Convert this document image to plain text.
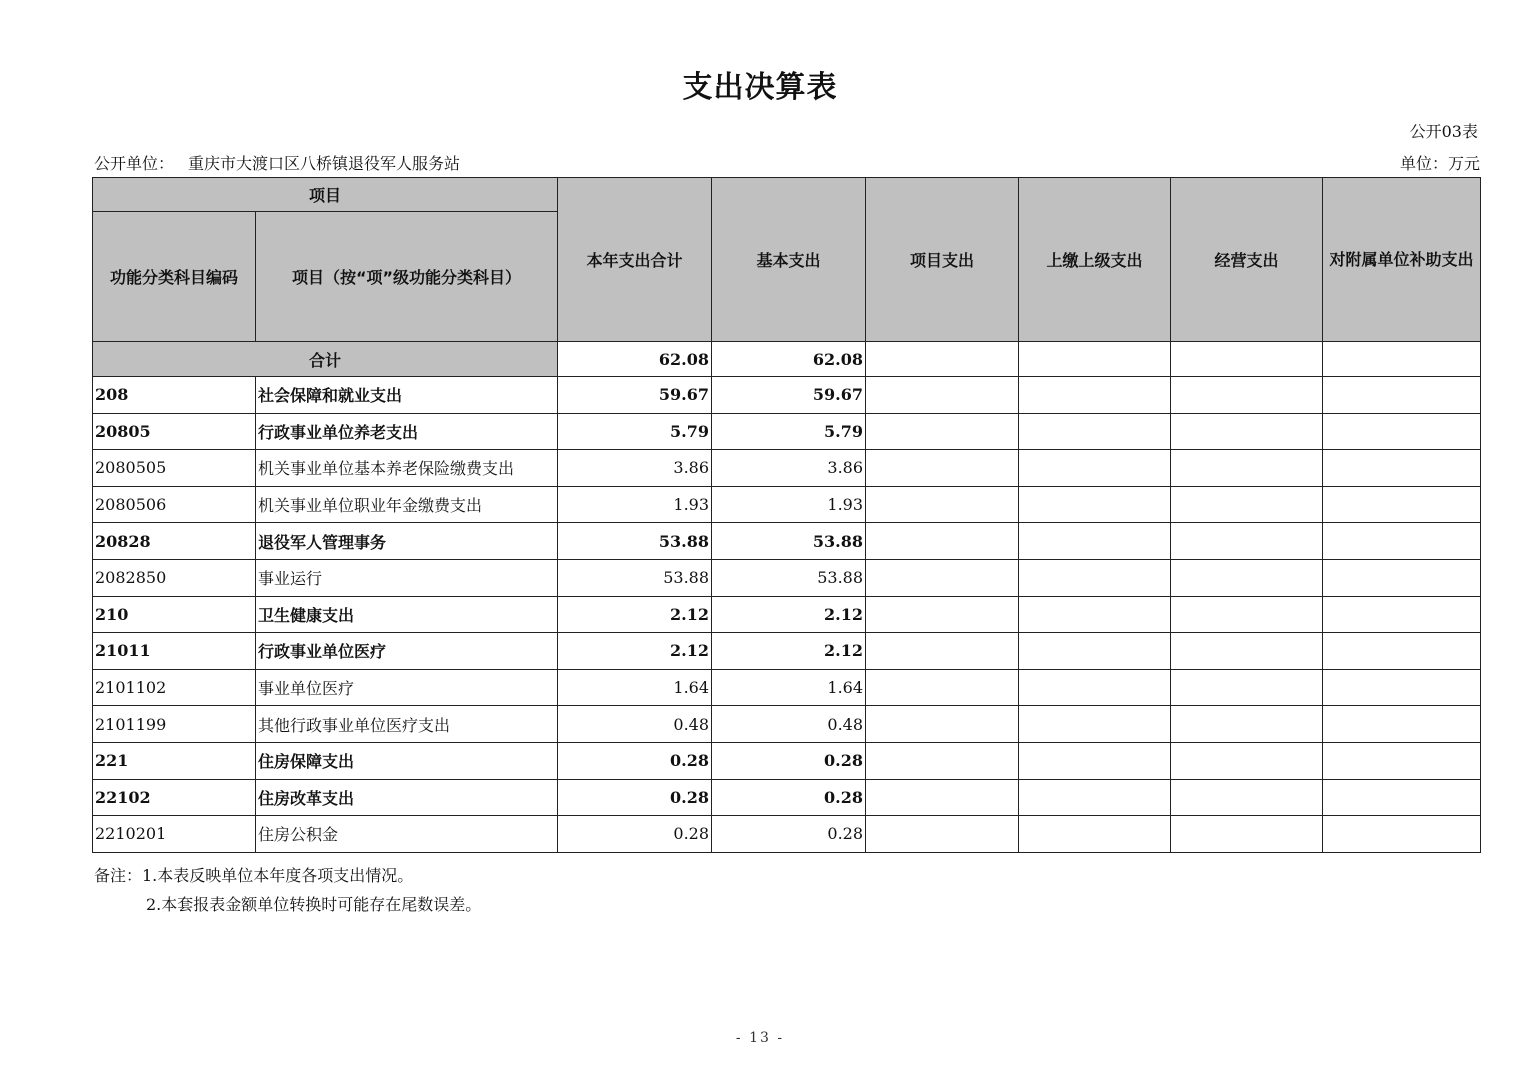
支出决算表
公开03表
公开单位： 重庆市大渡口区八桥镇退役军人服务站	单位：万元
项目		本年支出合计	基本支出	项目支出	上缴上级支出	经营支出	对附属单位补助支出
功能分类科目编码	项目（按“项”级功能分类科目）						
合计		62.08	62.08				
208	社会保障和就业支出	59.67	59.67				
20805	行政事业单位养老支出	5.79	5.79				
2080505	机关事业单位基本养老保险缴费支出	3.86	3.86				
2080506	机关事业单位职业年金缴费支出	1.93	1.93				
20828	退役军人管理事务	53.88	53.88				
2082850	事业运行	53.88	53.88				
210	卫生健康支出	2.12	2.12				
21011	行政事业单位医疗	2.12	2.12				
2101102	事业单位医疗	1.64	1.64				
2101199	其他行政事业单位医疗支出	0.48	0.48				
221	住房保障支出	0.28	0.28				
22102	住房改革支出	0.28	0.28				
2210201	住房公积金	0.28	0.28				
备注：1.本表反映单位本年度各项支出情况。
2.本套报表金额单位转换时可能存在尾数误差。
- 13 -
